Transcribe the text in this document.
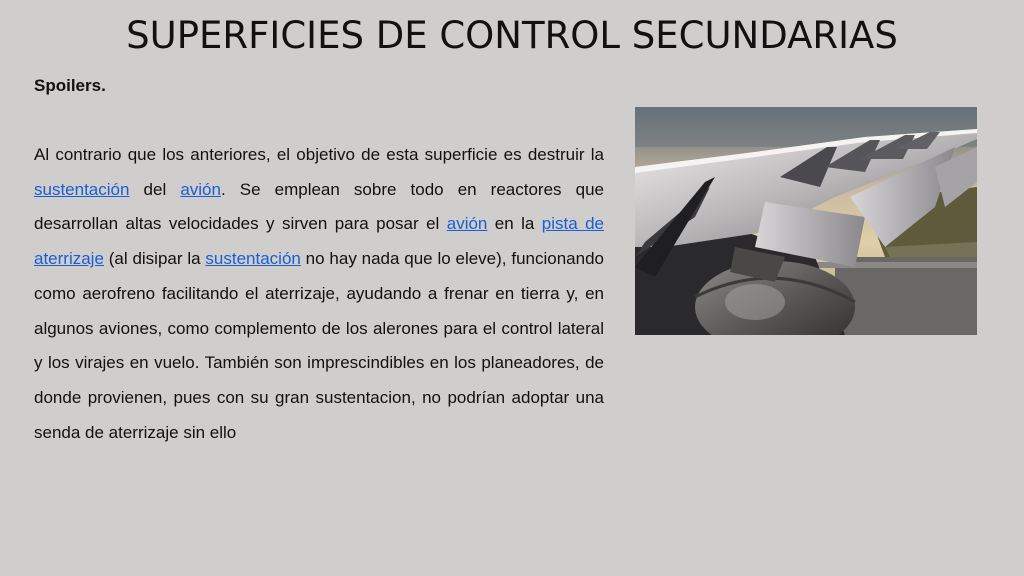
SUPERFICIES DE CONTROL SECUNDARIAS
Spoilers.
Al contrario que los anteriores, el objetivo de esta superficie es destruir la sustentación del avión. Se emplean sobre todo en reactores que desarrollan altas velocidades y sirven para posar el avión en la pista de aterrizaje (al disipar la sustentación no hay nada que lo eleve), funcionando como aerofreno facilitando el aterrizaje, ayudando a frenar en tierra y, en algunos aviones, como complemento de los alerones para el control lateral y los virajes en vuelo. También son imprescindibles en los planeadores, de donde provienen, pues con su gran sustentacion, no podrían adoptar una senda de aterrizaje sin ello
